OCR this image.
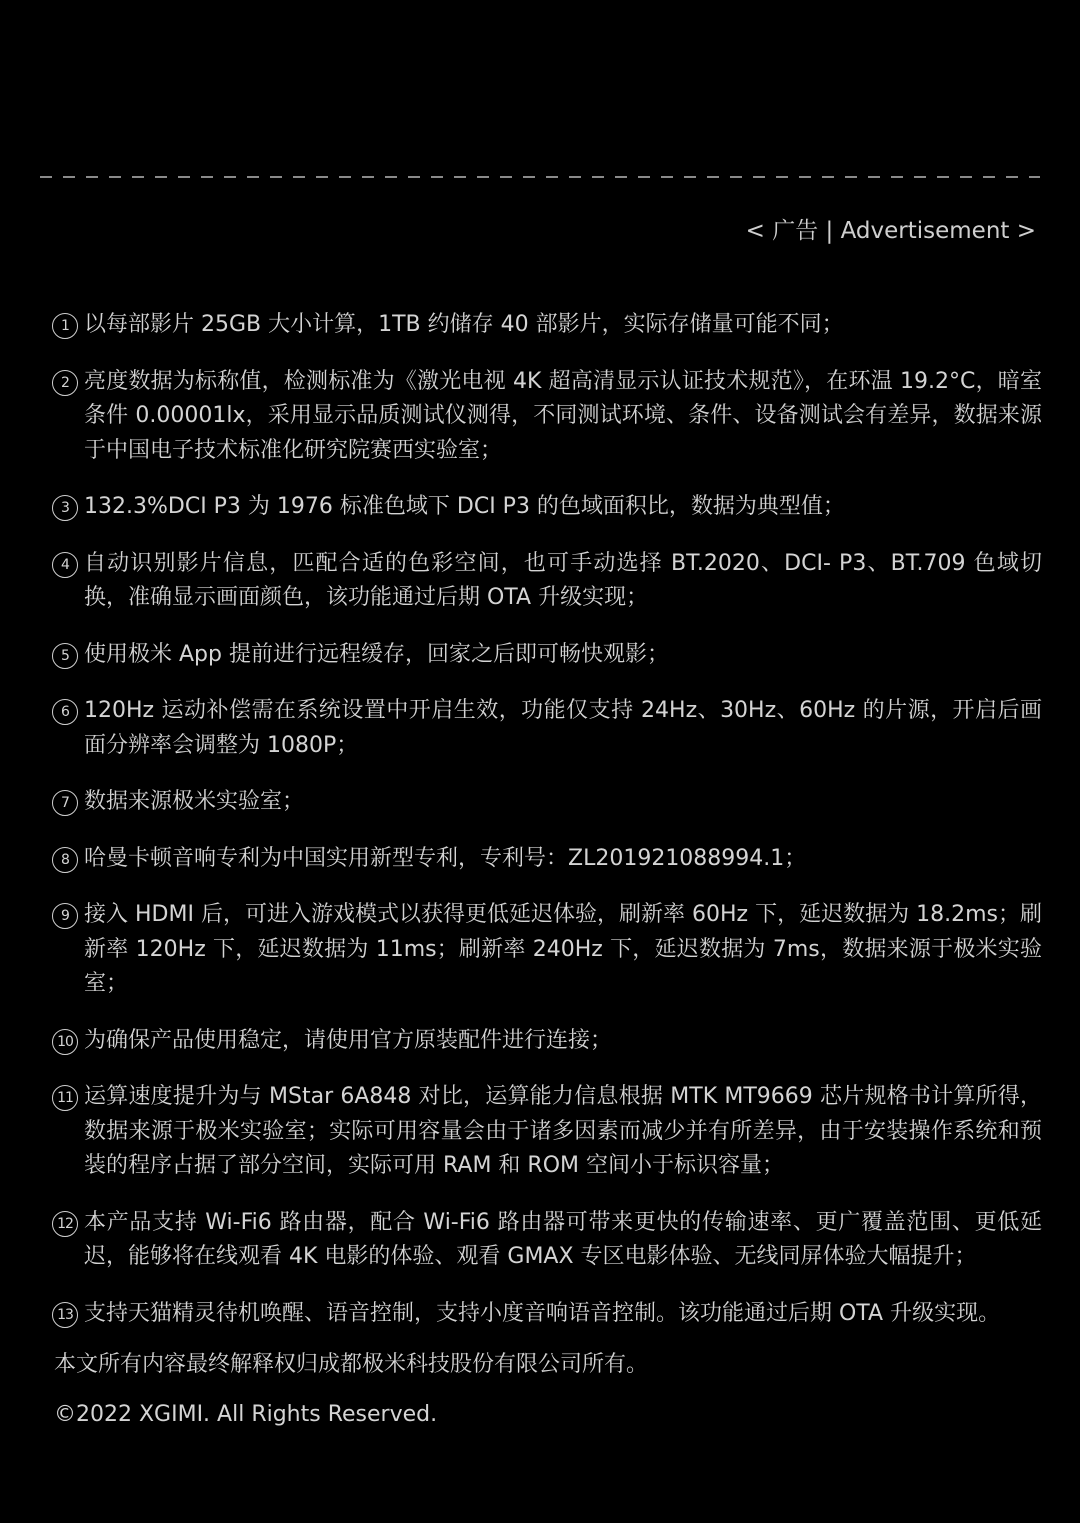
< 广告 | Advertisement >
1 以每部影片 25GB 大小计算，1TB 约储存 40 部影片，实际存储量可能不同；
2 亮度数据为标称值，检测标准为《激光电视 4K 超高清显示认证技术规范》，在环温 19.2°C，暗室条件 0.00001lx，采用显示品质测试仪测得，不同测试环境、条件、设备测试会有差异，数据来源于中国电子技术标准化研究院赛西实验室；
3 132.3%DCI P3 为 1976 标准色域下 DCI P3 的色域面积比，数据为典型值；
4 自动识别影片信息，匹配合适的色彩空间，也可手动选择 BT.2020、DCI- P3、BT.709 色域切换，准确显示画面颜色，该功能通过后期 OTA 升级实现；
5 使用极米 App 提前进行远程缓存，回家之后即可畅快观影；
6 120Hz 运动补偿需在系统设置中开启生效，功能仅支持 24Hz、30Hz、60Hz 的片源，开启后画面分辨率会调整为 1080P；
7 数据来源极米实验室；
8 哈曼卡顿音响专利为中国实用新型专利，专利号：ZL201921088994.1；
9 接入 HDMI 后，可进入游戏模式以获得更低延迟体验，刷新率 60Hz 下，延迟数据为 18.2ms；刷新率 120Hz 下，延迟数据为 11ms；刷新率 240Hz 下，延迟数据为 7ms，数据来源于极米实验室；
10 为确保产品使用稳定，请使用官方原装配件进行连接；
11 运算速度提升为与 MStar 6A848 对比，运算能力信息根据 MTK MT9669 芯片规格书计算所得，数据来源于极米实验室；实际可用容量会由于诸多因素而减少并有所差异，由于安装操作系统和预装的程序占据了部分空间，实际可用 RAM 和 ROM 空间小于标识容量；
12 本产品支持 Wi-Fi6 路由器，配合 Wi-Fi6 路由器可带来更快的传输速率、更广覆盖范围、更低延迟，能够将在线观看 4K 电影的体验、观看 GMAX 专区电影体验、无线同屏体验大幅提升；
13 支持天猫精灵待机唤醒、语音控制，支持小度音响语音控制。该功能通过后期 OTA 升级实现。

本文所有内容最终解释权归成都极米科技股份有限公司所有。

©2022 XGIMI. All Rights Reserved.
